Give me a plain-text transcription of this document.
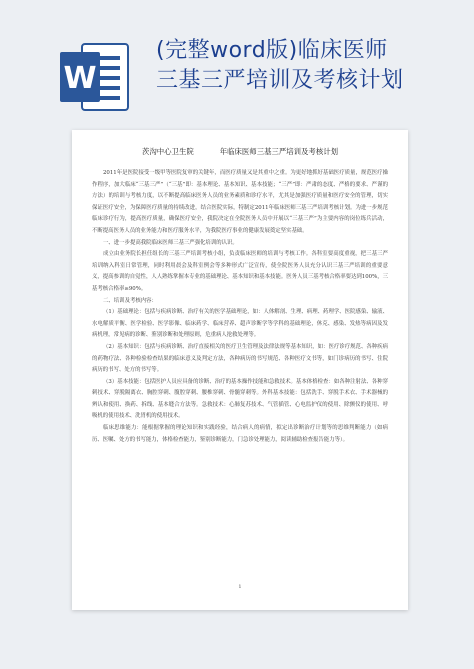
W
(完整word版)临床医师
三基三严培训及考核计划
茨沟中心卫生院	年临床医师三基三严培训及考核计划

2011年是医院接受一级甲等医院复审的关键年，而医疗质量又是其重中之重。为更好地抓好基础医疗质量，规范医疗操作程序，加大临床“三基三严”（“三基”即：基本理论、基本知识、基本技能；“三严”即：严肃的态度、严格的要求、严谨的方法）的培训与考核力度，以不断提高临床医务人员的业务素质和诊疗水平，尤其是加强医疗质量和医疗安全的管理，切实保证医疗安全，为保障医疗质量的持续改进，结合医院实际，特制定2011年临床医师三基三严培训考核计划。为进一步规范临床诊疗行为，提高医疗质量，确保医疗安全，我院决定在全院医务人员中开展以“三基三严”为主要内容的岗位练兵活动，不断提高医务人员的业务能力和医疗服务水平，为我院医疗事业的健康发展奠定坚实基础。

一、进一步提高我院临床医师三基三严强化培训的认识。

成立由业务院长担任组长的三基三严培训考核小组，负责临床医师的培训与考核工作。各科室要高度重视，把三基三严培训纳入科室日常管理，同时利用晨会及科室例会等多种形式广泛宣传，使全院医务人员充分认识三基三严培训的重要意义，提高参训的自觉性，人人熟练掌握本专业的基础理论、基本知识和基本技能。医务人员三基考核合格率要达到100%，三基考核合格率≥90%。

二、培训及考核内容：

（1）基础理论：包括与疾病诊断、治疗有关的医学基础理论，如：人体解剖、生理、病理、药理学、医院感染、输液、水电解质平衡、医学检验、医学影像、临床药学、临床营养、超声诊断学等学科的基础理论，休克、感染、发热等病因及发病机理，常见病的诊断、鉴别诊断和处理原则，危重病人抢救处理等。

（2）基本知识：包括与疾病诊断、治疗直接相关的医疗卫生管理及法律法规等基本知识，如：医疗诊疗规范、各种疾病的药物疗法、各种检验检查结果的临床意义及判定方法，各种病历的书写规范、各种医疗文书等，如门诊病历的书写、住院病历的书写、处方的书写等。

（3）基本技能：包括医护人员应具备的诊断、治疗的基本操作技能和急救技术。基本体格检查：如各种注射法、各种穿刺技术、穿脱隔离衣、胸腔穿刺、腹腔穿刺、腰椎穿刺、骨髓穿刺等。外科基本技能：包括洗手、穿脱手术衣、手术器械的辨认和使用、换药、拆线、基本缝合方法等。急救技术：心肺复苏技术、气管插管、心电监护仪的使用、除颤仪的使用、呼吸机的使用技术、洗胃机的使用技术。

临床思维能力：能根据掌握的理论知识和实践经验，结合病人的病情，拟定出诊断治疗计划等的思维判断能力（如病历、医嘱、处方的书写能力，体格检查能力，鉴别诊断能力，门急诊处理能力，阅读辅助检查报告能力等）。

1
